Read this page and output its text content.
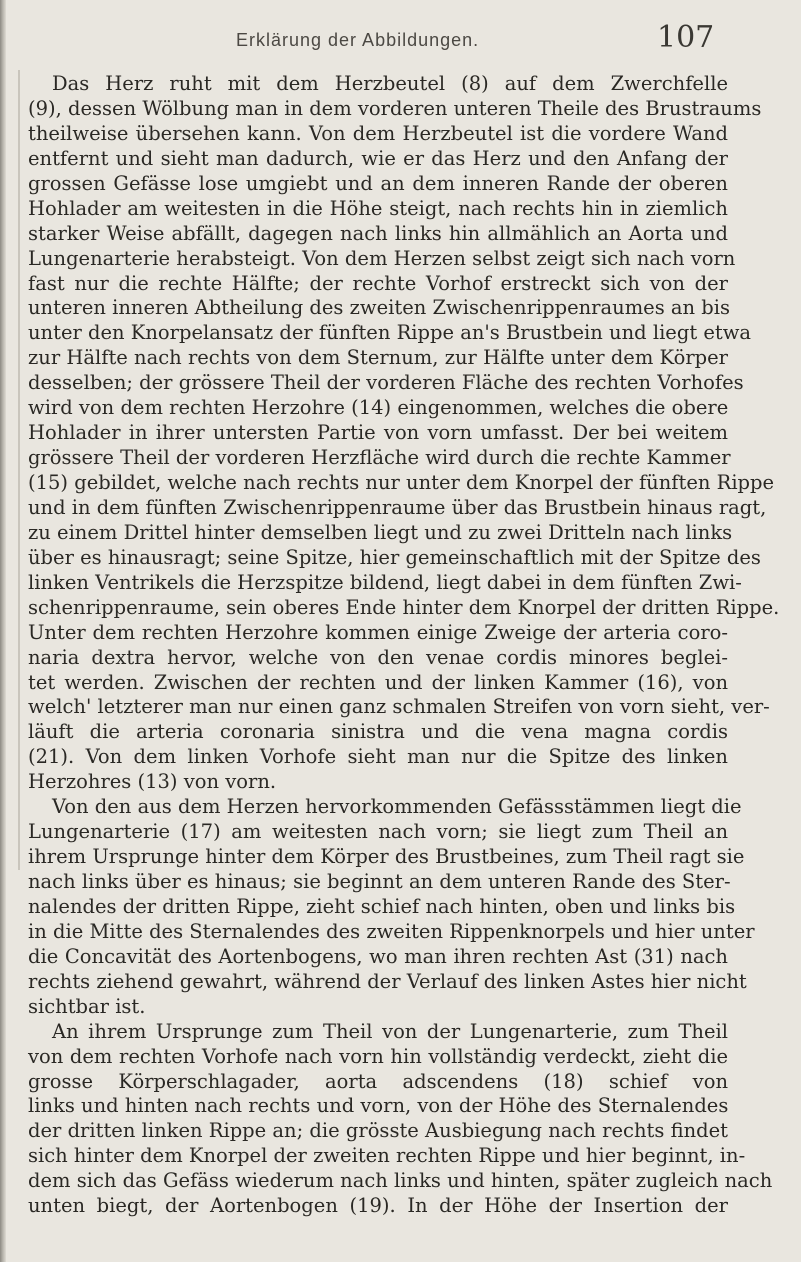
Erklärung der Abbildungen.	107
Das Herz ruht mit dem Herzbeutel (8) auf dem Zwerchfelle
(9), dessen Wölbung man in dem vorderen unteren Theile des Brustraums
theilweise übersehen kann. Von dem Herzbeutel ist die vordere Wand
entfernt und sieht man dadurch, wie er das Herz und den Anfang der
grossen Gefässe lose umgiebt und an dem inneren Rande der oberen
Hohlader am weitesten in die Höhe steigt, nach rechts hin in ziemlich
starker Weise abfällt, dagegen nach links hin allmählich an Aorta und
Lungenarterie herabsteigt. Von dem Herzen selbst zeigt sich nach vorn
fast nur die rechte Hälfte; der rechte Vorhof erstreckt sich von der
unteren inneren Abtheilung des zweiten Zwischenrippenraumes an bis
unter den Knorpelansatz der fünften Rippe an's Brustbein und liegt etwa
zur Hälfte nach rechts von dem Sternum, zur Hälfte unter dem Körper
desselben; der grössere Theil der vorderen Fläche des rechten Vorhofes
wird von dem rechten Herzohre (14) eingenommen, welches die obere
Hohlader in ihrer untersten Partie von vorn umfasst. Der bei weitem
grössere Theil der vorderen Herzfläche wird durch die rechte Kammer
(15) gebildet, welche nach rechts nur unter dem Knorpel der fünften Rippe
und in dem fünften Zwischenrippenraume über das Brustbein hinaus ragt,
zu einem Drittel hinter demselben liegt und zu zwei Dritteln nach links
über es hinausragt; seine Spitze, hier gemeinschaftlich mit der Spitze des
linken Ventrikels die Herzspitze bildend, liegt dabei in dem fünften Zwi-
schenrippenraume, sein oberes Ende hinter dem Knorpel der dritten Rippe.
Unter dem rechten Herzohre kommen einige Zweige der arteria coro-
naria dextra hervor, welche von den venae cordis minores beglei-
tet werden. Zwischen der rechten und der linken Kammer (16), von
welch' letzterer man nur einen ganz schmalen Streifen von vorn sieht, ver-
läuft die arteria coronaria sinistra und die vena magna cordis
(21). Von dem linken Vorhofe sieht man nur die Spitze des linken
Herzohres (13) von vorn.
Von den aus dem Herzen hervorkommenden Gefässstämmen liegt die
Lungenarterie (17) am weitesten nach vorn; sie liegt zum Theil an
ihrem Ursprunge hinter dem Körper des Brustbeines, zum Theil ragt sie
nach links über es hinaus; sie beginnt an dem unteren Rande des Ster-
nalendes der dritten Rippe, zieht schief nach hinten, oben und links bis
in die Mitte des Sternalendes des zweiten Rippenknorpels und hier unter
die Concavität des Aortenbogens, wo man ihren rechten Ast (31) nach
rechts ziehend gewahrt, während der Verlauf des linken Astes hier nicht
sichtbar ist.
An ihrem Ursprunge zum Theil von der Lungenarterie, zum Theil
von dem rechten Vorhofe nach vorn hin vollständig verdeckt, zieht die
grosse Körperschlagader, aorta adscendens (18) schief von
links und hinten nach rechts und vorn, von der Höhe des Sternalendes
der dritten linken Rippe an; die grösste Ausbiegung nach rechts findet
sich hinter dem Knorpel der zweiten rechten Rippe und hier beginnt, in-
dem sich das Gefäss wiederum nach links und hinten, später zugleich nach
unten biegt, der Aortenbogen (19). In der Höhe der Insertion der
